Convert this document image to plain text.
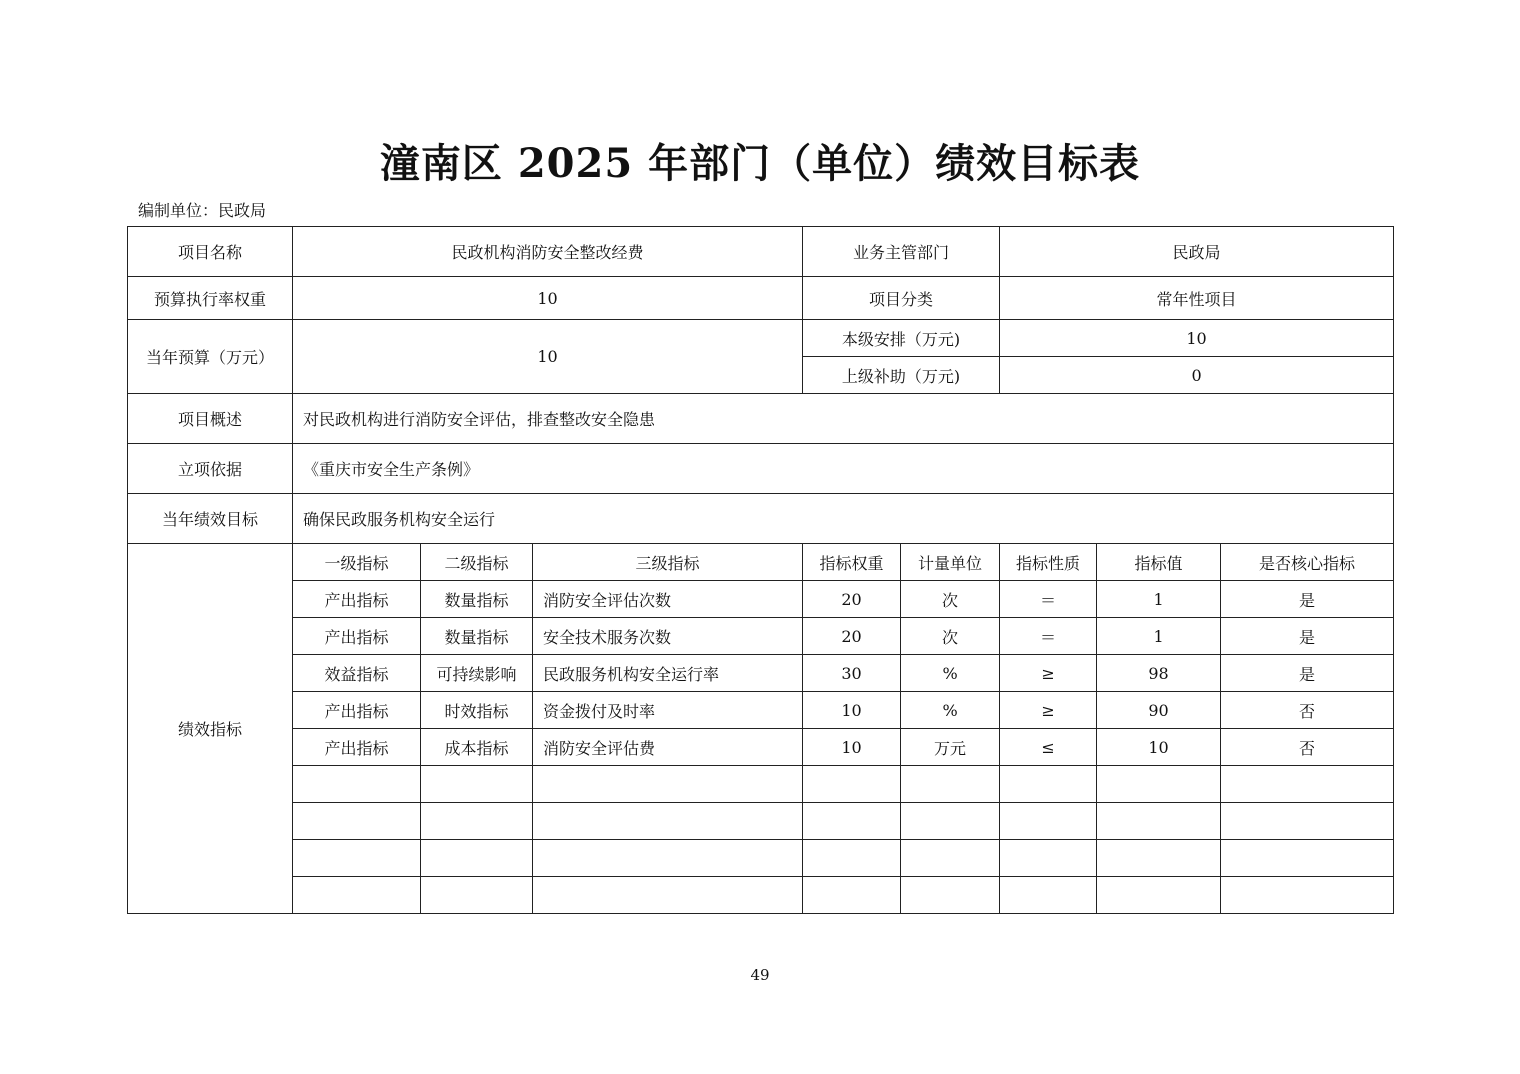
潼南区 2025 年部门（单位）绩效目标表
编制单位：民政局
项目名称	民政机构消防安全整改经费			业务主管部门		民政局		
预算执行率权重	10			项目分类		常年性项目		
当年预算（万元）	10			本级安排（万元)		10		
				上级补助（万元)		0		
项目概述	对民政机构进行消防安全评估，排查整改安全隐患							
立项依据	《重庆市安全生产条例》							
当年绩效目标	确保民政服务机构安全运行							
绩效指标	一级指标	二级指标	三级指标	指标权重	计量单位	指标性质	指标值	是否核心指标
	产出指标	数量指标	消防安全评估次数	20	次	＝	1	是
	产出指标	数量指标	安全技术服务次数	20	次	＝	1	是
	效益指标	可持续影响	民政服务机构安全运行率	30	%	≥	98	是
	产出指标	时效指标	资金拨付及时率	10	%	≥	90	否
	产出指标	成本指标	消防安全评估费	10	万元	≤	10	否

49
